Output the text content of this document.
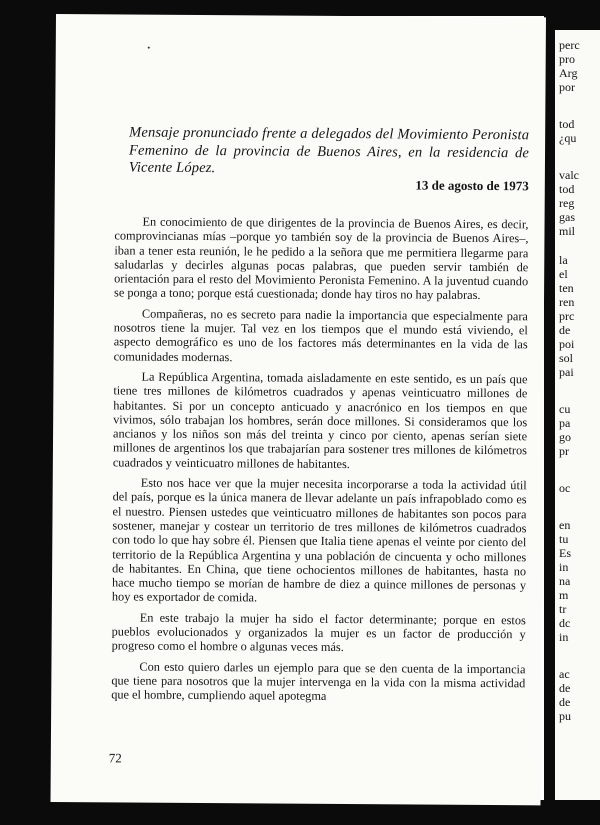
Mensaje pronunciado frente a delegados del Movimiento Peronista Femenino de la provincia de Buenos Aires, en la residencia de Vicente López.
13 de agosto de 1973

En conocimiento de que dirigentes de la provincia de Buenos Aires, es decir, comprovincianas mías –porque yo también soy de la provincia de Buenos Aires–, iban a tener esta reunión, le he pedido a la señora que me permitiera llegarme para saludarlas y decirles algunas pocas palabras, que pueden servir también de orientación para el resto del Movimiento Peronista Femenino. A la juventud cuando se ponga a tono; porque está cuestionada; donde hay tiros no hay palabras.

Compañeras, no es secreto para nadie la importancia que especialmente para nosotros tiene la mujer. Tal vez en los tiempos que el mundo está viviendo, el aspecto demográfico es uno de los factores más determinantes en la vida de las comunidades modernas.

La República Argentina, tomada aisladamente en este sentido, es un país que tiene tres millones de kilómetros cuadrados y apenas veinticuatro millones de habitantes. Si por un concepto anticuado y anacrónico en los tiempos en que vivimos, sólo trabajan los hombres, serán doce millones. Si consideramos que los ancianos y los niños son más del treinta y cinco por ciento, apenas serían siete millones de argentinos los que trabajarían para sostener tres millones de kilómetros cuadrados y veinticuatro millones de habitantes.

Esto nos hace ver que la mujer necesita incorporarse a toda la actividad útil del país, porque es la única manera de llevar adelante un país infrapoblado como es el nuestro. Piensen ustedes que veinticuatro millones de habitantes son pocos para sostener, manejar y costear un territorio de tres millones de kilómetros cuadrados con todo lo que hay sobre él. Piensen que Italia tiene apenas el veinte por ciento del territorio de la República Argentina y una población de cincuenta y ocho millones de habitantes. En China, que tiene ochocientos millones de habitantes, hasta no hace mucho tiempo se morían de hambre de diez a quince millones de personas y hoy es exportador de comida.

En este trabajo la mujer ha sido el factor determinante; porque en estos pueblos evolucionados y organizados la mujer es un factor de producción y progreso como el hombre o algunas veces más.

Con esto quiero darles un ejemplo para que se den cuenta de la importancia que tiene para nosotros que la mujer intervenga en la vida con la misma actividad que el hombre, cumpliendo aquel apotegma

72
perc
pro
Arg
por
tod
¿qu
valc
tod
reg
gas
mil
la
el
ten
ren
prc
de
poi
sol
pai
cu
pa
go
pr
oc
en
tu
Es
in
na
m
tr
dc
in
ac
de
de
pu
